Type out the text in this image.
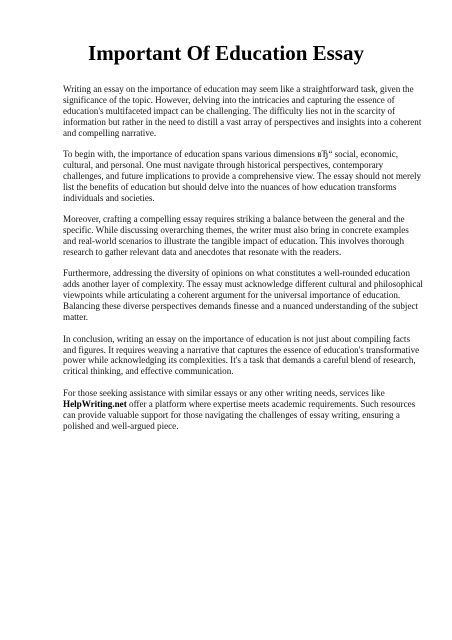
Important Of Education Essay

Writing an essay on the importance of education may seem like a straightforward task, given the significance of the topic. However, delving into the intricacies and capturing the essence of education's multifaceted impact can be challenging. The difficulty lies not in the scarcity of information but rather in the need to distill a vast array of perspectives and insights into a coherent and compelling narrative.

To begin with, the importance of education spans various dimensions вЂ“ social, economic, cultural, and personal. One must navigate through historical perspectives, contemporary challenges, and future implications to provide a comprehensive view. The essay should not merely list the benefits of education but should delve into the nuances of how education transforms individuals and societies.

Moreover, crafting a compelling essay requires striking a balance between the general and the specific. While discussing overarching themes, the writer must also bring in concrete examples and real-world scenarios to illustrate the tangible impact of education. This involves thorough research to gather relevant data and anecdotes that resonate with the readers.

Furthermore, addressing the diversity of opinions on what constitutes a well-rounded education adds another layer of complexity. The essay must acknowledge different cultural and philosophical viewpoints while articulating a coherent argument for the universal importance of education. Balancing these diverse perspectives demands finesse and a nuanced understanding of the subject matter.

In conclusion, writing an essay on the importance of education is not just about compiling facts and figures. It requires weaving a narrative that captures the essence of education's transformative power while acknowledging its complexities. It's a task that demands a careful blend of research, critical thinking, and effective communication.

For those seeking assistance with similar essays or any other writing needs, services like
HelpWriting.net offer a platform where expertise meets academic requirements. Such resources can provide valuable support for those navigating the challenges of essay writing, ensuring a polished and well-argued piece.
